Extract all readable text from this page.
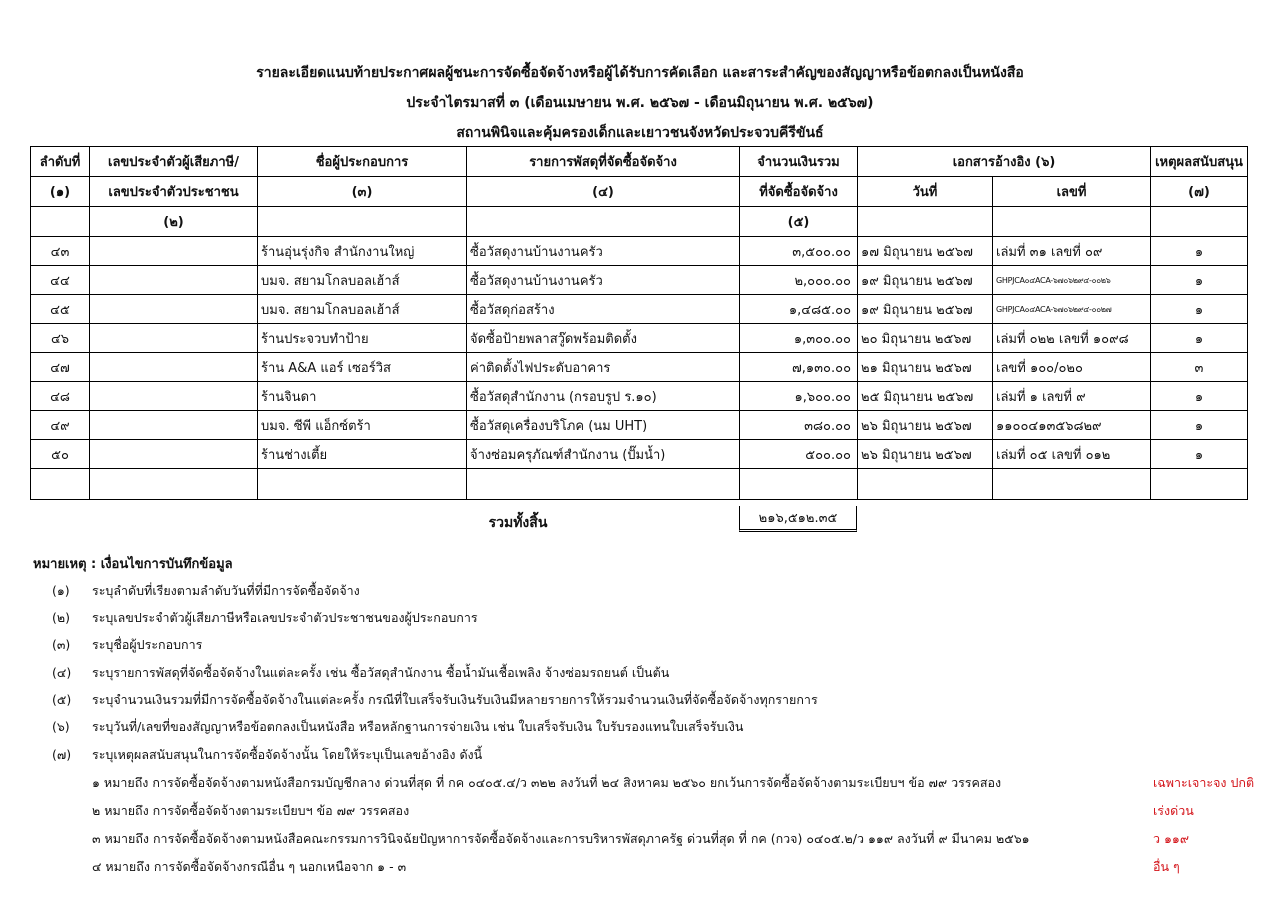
รายละเอียดแนบท้ายประกาศผลผู้ชนะการจัดซื้อจัดจ้างหรือผู้ได้รับการคัดเลือก และสาระสำคัญของสัญญาหรือข้อตกลงเป็นหนังสือ
ประจำไตรมาสที่ ๓ (เดือนเมษายน พ.ศ. ๒๕๖๗ - เดือนมิถุนายน พ.ศ. ๒๕๖๗)
สถานพินิจและคุ้มครองเด็กและเยาวชนจังหวัดประจวบคีรีขันธ์
ลำดับที่	เลขประจำตัวผู้เสียภาษี/	ชื่อผู้ประกอบการ	รายการพัสดุที่จัดซื้อจัดจ้าง	จำนวนเงินรวม	เอกสารอ้างอิง (๖)		เหตุผลสนับสนุน
(๑)	เลขประจำตัวประชาชน	(๓)	(๔)	ที่จัดซื้อจัดจ้าง	วันที่	เลขที่	(๗)
	(๒)			(๕)			
๔๓		ร้านอุ่นรุ่งกิจ สำนักงานใหญ่	ซื้อวัสดุงานบ้านงานครัว	๓,๕๐๐.๐๐	๑๗ มิถุนายน ๒๕๖๗	เล่มที่ ๓๑ เลขที่ ๐๙	๑
๔๔		บมจ. สยามโกลบอลเฮ้าส์	ซื้อวัสดุงานบ้านงานครัว	๒,๐๐๐.๐๐	๑๙ มิถุนายน ๒๕๖๗	GHPJCA๐๔ACA-๖๗๐๖๒๙๔-๐๐๒๖	๑
๔๕		บมจ. สยามโกลบอลเฮ้าส์	ซื้อวัสดุก่อสร้าง	๑,๔๘๕.๐๐	๑๙ มิถุนายน ๒๕๖๗	GHPJCA๐๔ACA-๖๗๐๖๒๙๔-๐๐๒๗	๑
๔๖		ร้านประจวบทำป้าย	จัดซื้อป้ายพลาสวู๊ดพร้อมติดตั้ง	๑,๓๐๐.๐๐	๒๐ มิถุนายน ๒๕๖๗	เล่มที่ ๐๒๒ เลขที่ ๑๐๙๘	๑
๔๗		ร้าน A&A แอร์ เซอร์วิส	ค่าติดตั้งไฟประดับอาคาร	๗,๑๓๐.๐๐	๒๑ มิถุนายน ๒๕๖๗	เลขที่ ๑๐๐/๐๒๐	๓
๔๘		ร้านจินดา	ซื้อวัสดุสำนักงาน (กรอบรูป ร.๑๐)	๑,๖๐๐.๐๐	๒๕ มิถุนายน ๒๕๖๗	เล่มที่ ๑ เลขที่ ๙	๑
๔๙		บมจ. ซีพี แอ็กซ์ตร้า	ซื้อวัสดุเครื่องบริโภค (นม UHT)	๓๘๐.๐๐	๒๖ มิถุนายน ๒๕๖๗	๑๑๐๐๔๑๓๕๖๘๒๙	๑
๕๐		ร้านช่างเตี้ย	จ้างซ่อมครุภัณฑ์สำนักงาน (ปั๊มน้ำ)	๕๐๐.๐๐	๒๖ มิถุนายน ๒๕๖๗	เล่มที่ ๐๕ เลขที่ ๐๑๒	๑

รวมทั้งสิ้น	๒๑๖,๕๑๒.๓๕
หมายเหตุ : เงื่อนไขการบันทึกข้อมูล
(๑) ระบุลำดับที่เรียงตามลำดับวันที่ที่มีการจัดซื้อจัดจ้าง
(๒) ระบุเลขประจำตัวผู้เสียภาษีหรือเลขประจำตัวประชาชนของผู้ประกอบการ
(๓) ระบุชื่อผู้ประกอบการ
(๔) ระบุรายการพัสดุที่จัดซื้อจัดจ้างในแต่ละครั้ง เช่น ซื้อวัสดุสำนักงาน ซื้อน้ำมันเชื้อเพลิง จ้างซ่อมรถยนต์ เป็นต้น
(๕) ระบุจำนวนเงินรวมที่มีการจัดซื้อจัดจ้างในแต่ละครั้ง กรณีที่ใบเสร็จรับเงินรับเงินมีหลายรายการให้รวมจำนวนเงินที่จัดซื้อจัดจ้างทุกรายการ
(๖) ระบุวันที่/เลขที่ของสัญญาหรือข้อตกลงเป็นหนังสือ หรือหลักฐานการจ่ายเงิน เช่น ใบเสร็จรับเงิน ใบรับรองแทนใบเสร็จรับเงิน
(๗) ระบุเหตุผลสนับสนุนในการจัดซื้อจัดจ้างนั้น โดยให้ระบุเป็นเลขอ้างอิง ดังนี้
๑ หมายถึง การจัดซื้อจัดจ้างตามหนังสือกรมบัญชีกลาง ด่วนที่สุด ที่ กค ๐๔๐๕.๔/ว ๓๒๒ ลงวันที่ ๒๔ สิงหาคม ๒๕๖๐ ยกเว้นการจัดซื้อจัดจ้างตามระเบียบฯ ข้อ ๗๙ วรรคสอง	เฉพาะเจาะจง ปกติ
๒ หมายถึง การจัดซื้อจัดจ้างตามระเบียบฯ ข้อ ๗๙ วรรคสอง	เร่งด่วน
๓ หมายถึง การจัดซื้อจัดจ้างตามหนังสือคณะกรรมการวินิจฉัยปัญหาการจัดซื้อจัดจ้างและการบริหารพัสดุภาครัฐ ด่วนที่สุด ที่ กค (กวจ) ๐๔๐๕.๒/ว ๑๑๙ ลงวันที่ ๙ มีนาคม ๒๕๖๑	ว ๑๑๙
๔ หมายถึง การจัดซื้อจัดจ้างกรณีอื่น ๆ นอกเหนือจาก ๑ - ๓	อื่น ๆ
